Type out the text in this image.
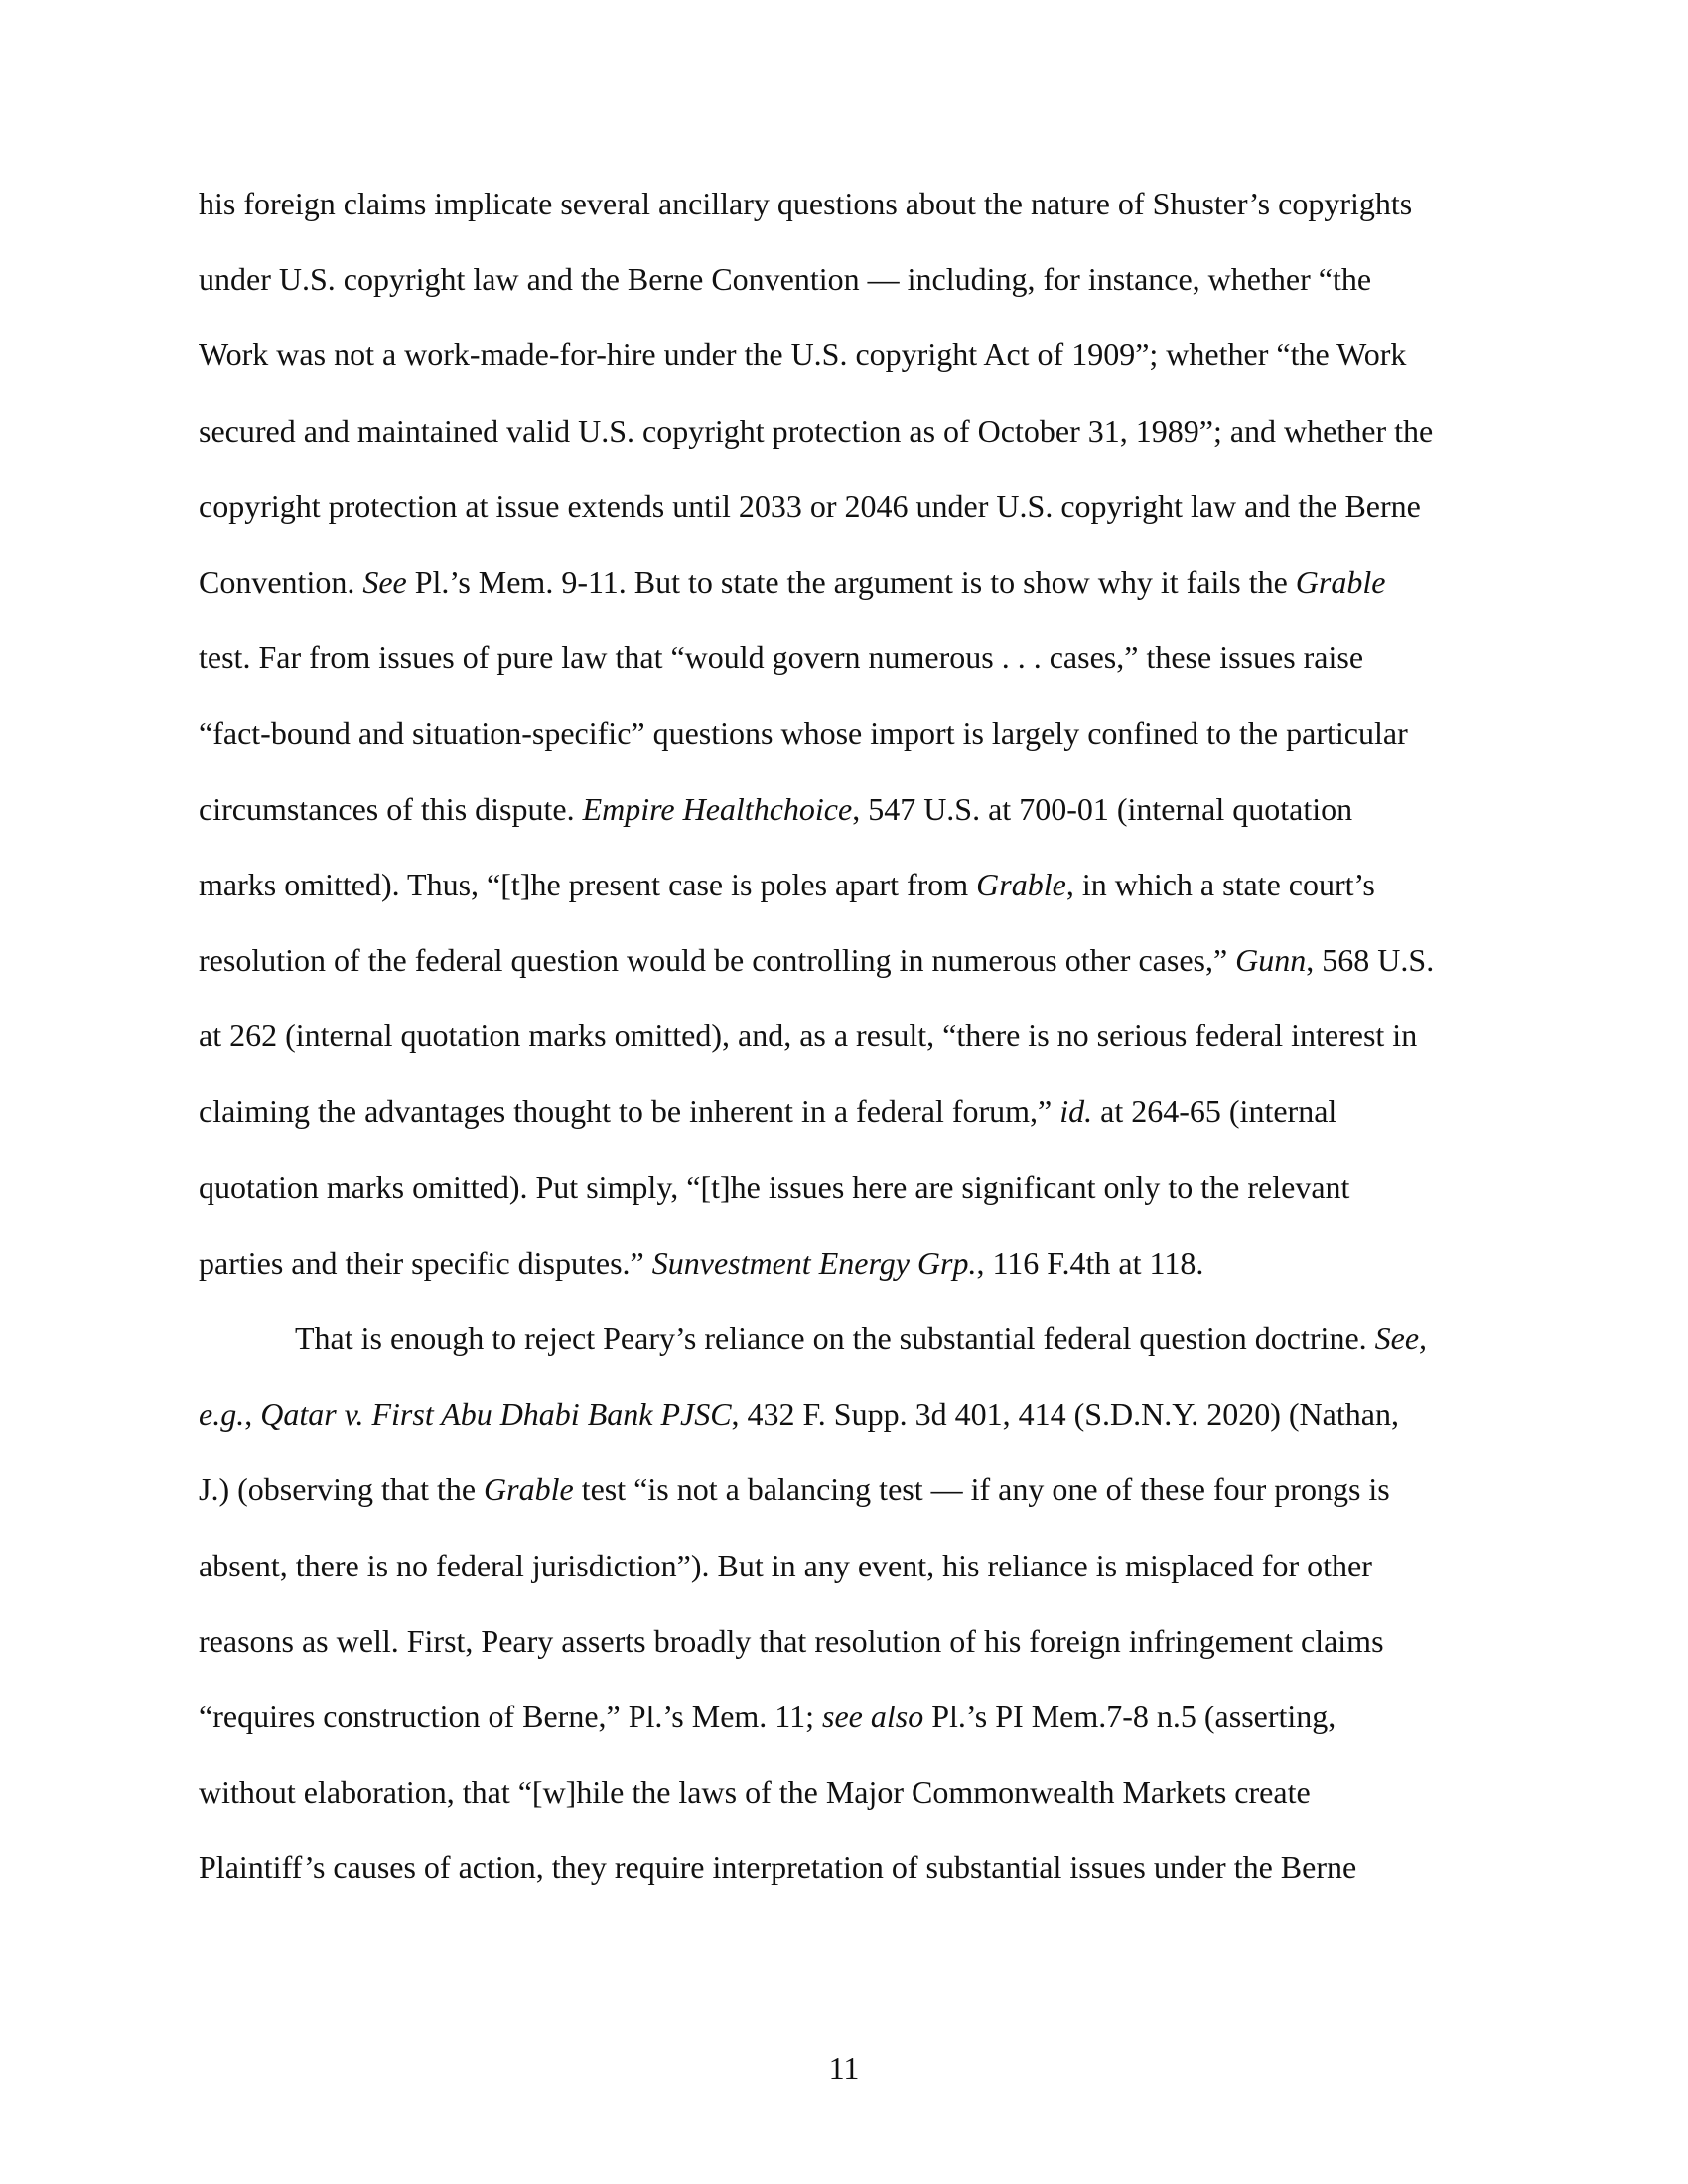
his foreign claims implicate several ancillary questions about the nature of Shuster’s copyrights
under U.S. copyright law and the Berne Convention — including, for instance, whether “the
Work was not a work-made-for-hire under the U.S. copyright Act of 1909”; whether “the Work
secured and maintained valid U.S. copyright protection as of October 31, 1989”; and whether the
copyright protection at issue extends until 2033 or 2046 under U.S. copyright law and the Berne
Convention. See Pl.’s Mem. 9-11. But to state the argument is to show why it fails the Grable
test. Far from issues of pure law that “would govern numerous . . . cases,” these issues raise
“fact-bound and situation-specific” questions whose import is largely confined to the particular
circumstances of this dispute. Empire Healthchoice, 547 U.S. at 700-01 (internal quotation
marks omitted). Thus, “[t]he present case is poles apart from Grable, in which a state court’s
resolution of the federal question would be controlling in numerous other cases,” Gunn, 568 U.S.
at 262 (internal quotation marks omitted), and, as a result, “there is no serious federal interest in
claiming the advantages thought to be inherent in a federal forum,” id. at 264-65 (internal
quotation marks omitted). Put simply, “[t]he issues here are significant only to the relevant
parties and their specific disputes.” Sunvestment Energy Grp., 116 F.4th at 118.
That is enough to reject Peary’s reliance on the substantial federal question doctrine. See,
e.g., Qatar v. First Abu Dhabi Bank PJSC, 432 F. Supp. 3d 401, 414 (S.D.N.Y. 2020) (Nathan,
J.) (observing that the Grable test “is not a balancing test — if any one of these four prongs is
absent, there is no federal jurisdiction”). But in any event, his reliance is misplaced for other
reasons as well. First, Peary asserts broadly that resolution of his foreign infringement claims
“requires construction of Berne,” Pl.’s Mem. 11; see also Pl.’s PI Mem.7-8 n.5 (asserting,
without elaboration, that “[w]hile the laws of the Major Commonwealth Markets create
Plaintiff’s causes of action, they require interpretation of substantial issues under the Berne
11
